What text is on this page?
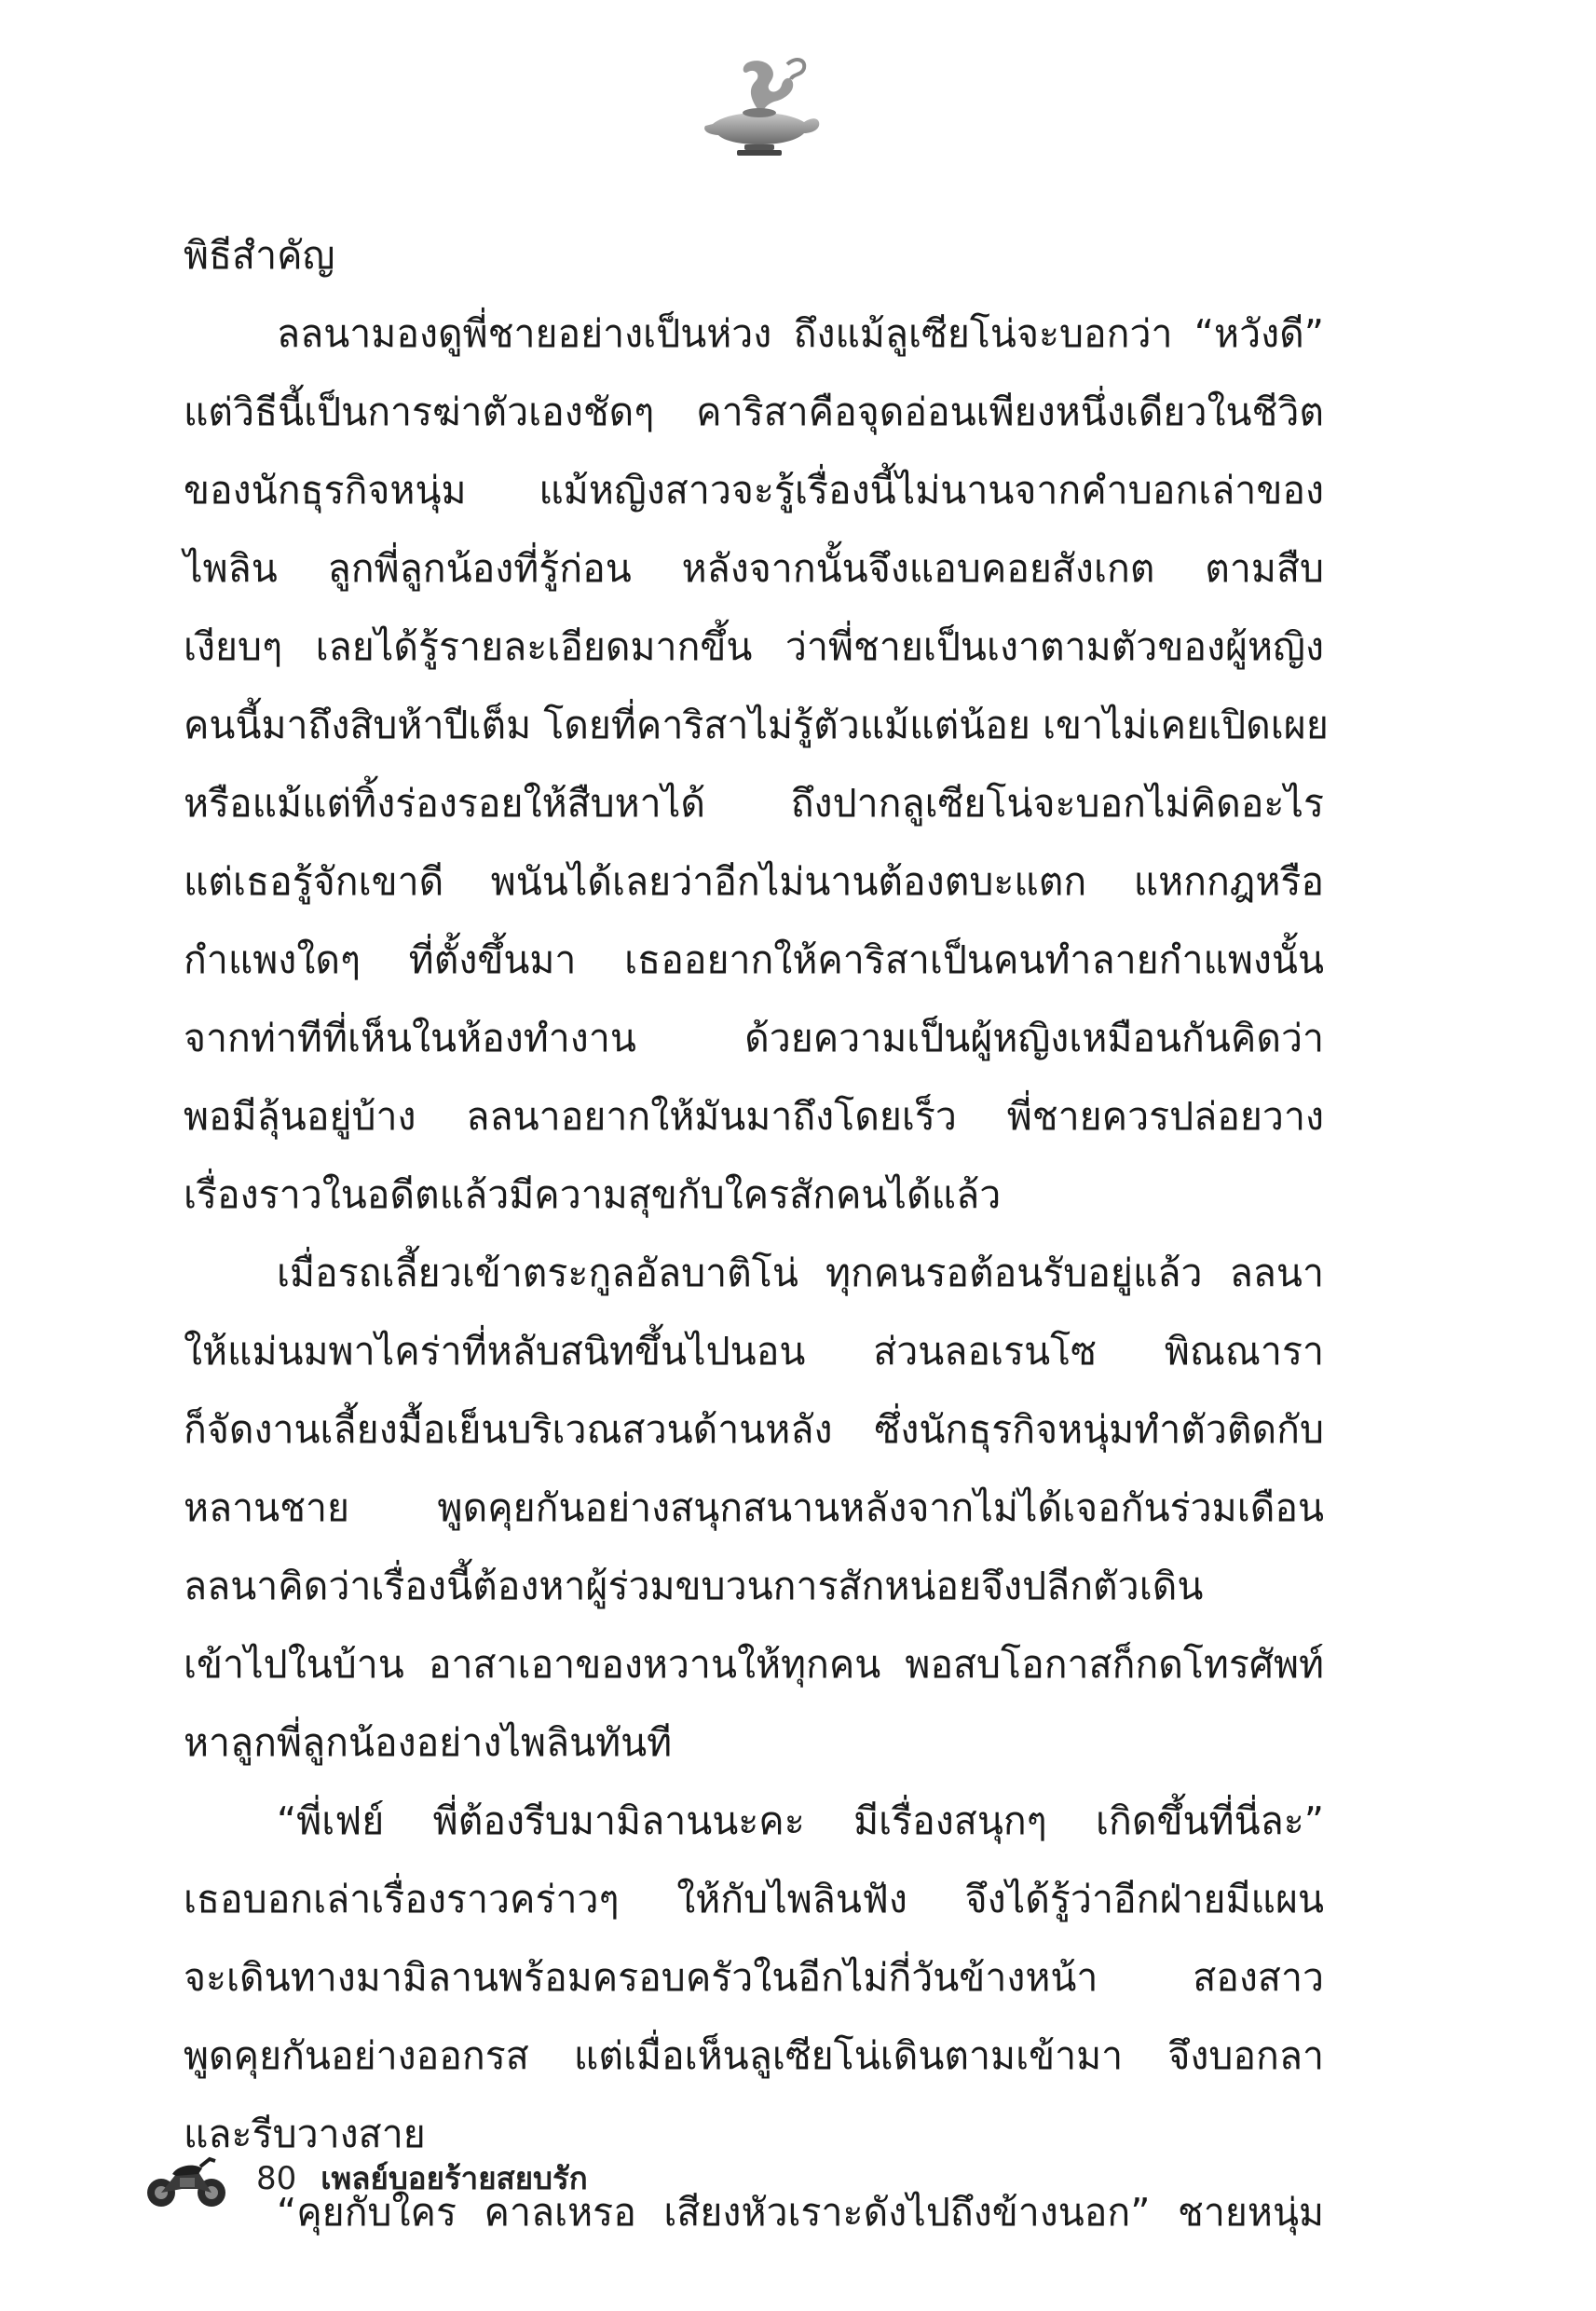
พิธีสำคัญ
ลลนามองดูพี่ชายอย่างเป็นห่วง ถึงแม้ลูเซียโน่จะบอกว่า “หวังดี”
แต่วิธีนี้เป็นการฆ่าตัวเองชัดๆ คาริสาคือจุดอ่อนเพียงหนึ่งเดียวในชีวิต
ของนักธุรกิจหนุ่ม แม้หญิงสาวจะรู้เรื่องนี้ไม่นานจากคำบอกเล่าของ
ไพลิน ลูกพี่ลูกน้องที่รู้ก่อน หลังจากนั้นจึงแอบคอยสังเกต ตามสืบ
เงียบๆ เลยได้รู้รายละเอียดมากขึ้น ว่าพี่ชายเป็นเงาตามตัวของผู้หญิง
คนนี้มาถึงสิบห้าปีเต็ม โดยที่คาริสาไม่รู้ตัวแม้แต่น้อย เขาไม่เคยเปิดเผย
หรือแม้แต่ทิ้งร่องรอยให้สืบหาได้ ถึงปากลูเซียโน่จะบอกไม่คิดอะไร
แต่เธอรู้จักเขาดี พนันได้เลยว่าอีกไม่นานต้องตบะแตก แหกกฎหรือ
กำแพงใดๆ ที่ตั้งขึ้นมา เธออยากให้คาริสาเป็นคนทำลายกำแพงนั้น
จากท่าทีที่เห็นในห้องทำงาน ด้วยความเป็นผู้หญิงเหมือนกันคิดว่า
พอมีลุ้นอยู่บ้าง ลลนาอยากให้มันมาถึงโดยเร็ว พี่ชายควรปล่อยวาง
เรื่องราวในอดีตแล้วมีความสุขกับใครสักคนได้แล้ว
เมื่อรถเลี้ยวเข้าตระกูลอัลบาติโน่ ทุกคนรอต้อนรับอยู่แล้ว ลลนา
ให้แม่นมพาไคร่าที่หลับสนิทขึ้นไปนอน ส่วนลอเรนโซ พิณณารา
ก็จัดงานเลี้ยงมื้อเย็นบริเวณสวนด้านหลัง ซึ่งนักธุรกิจหนุ่มทำตัวติดกับ
หลานชาย พูดคุยกันอย่างสนุกสนานหลังจากไม่ได้เจอกันร่วมเดือน
ลลนาคิดว่าเรื่องนี้ต้องหาผู้ร่วมขบวนการสักหน่อยจึงปลีกตัวเดิน
เข้าไปในบ้าน อาสาเอาของหวานให้ทุกคน พอสบโอกาสก็กดโทรศัพท์
หาลูกพี่ลูกน้องอย่างไพลินทันที
“พี่เฟย์ พี่ต้องรีบมามิลานนะคะ มีเรื่องสนุกๆ เกิดขึ้นที่นี่ละ”
เธอบอกเล่าเรื่องราวคร่าวๆ ให้กับไพลินฟัง จึงได้รู้ว่าอีกฝ่ายมีแผน
จะเดินทางมามิลานพร้อมครอบครัวในอีกไม่กี่วันข้างหน้า สองสาว
พูดคุยกันอย่างออกรส แต่เมื่อเห็นลูเซียโน่เดินตามเข้ามา จึงบอกลา
และรีบวางสาย
“คุยกับใคร คาลเหรอ เสียงหัวเราะดังไปถึงข้างนอก” ชายหนุ่ม
80 เพลย์บอยร้ายสยบรัก
